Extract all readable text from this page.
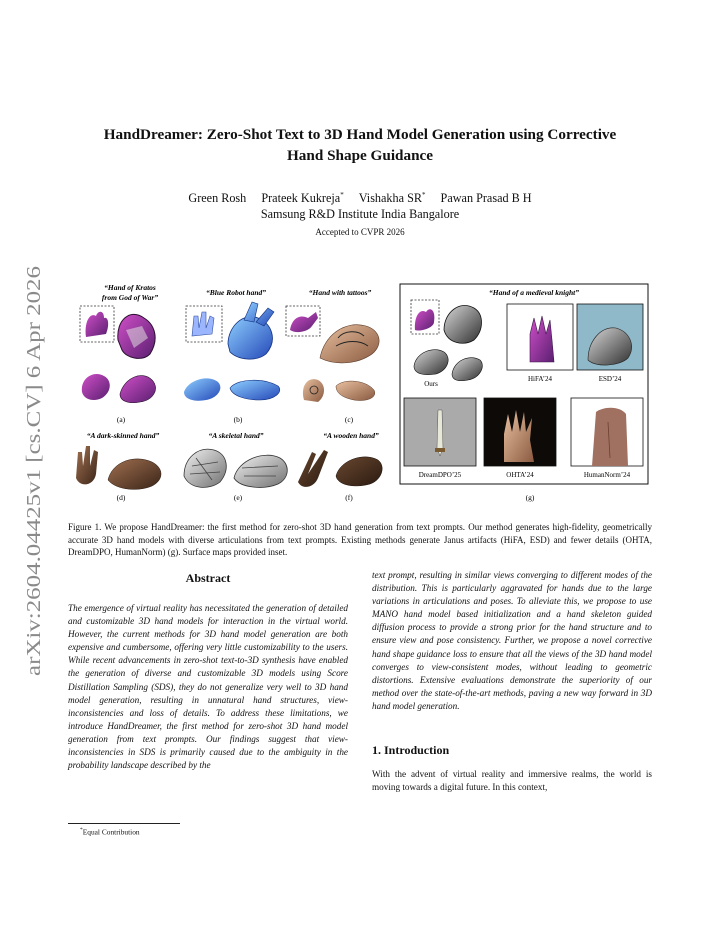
arXiv:2604.04425v1 [cs.CV] 6 Apr 2026
HandDreamer: Zero-Shot Text to 3D Hand Model Generation using Corrective
Hand Shape Guidance
Green Rosh Prateek Kukreja* Vishakha SR* Pawan Prasad B H
Samsung R&D Institute India Bangalore
Accepted to CVPR 2026
“Hand of Kratos
from God of War”
(a)
“Blue Robot hand”
(b)
“Hand with tattoos”
(c)
“A dark-skinned hand”
(d)
“A skeletal hand”
(e)
“A wooden hand”
(f)
“Hand of a medieval knight”
Ours
HiFA’24	ESD’24
DreamDPO’25	OHTA’24	HumanNorm’24
(g)
Figure 1. We propose HandDreamer: the first method for zero-shot 3D hand generation from text prompts. Our method generates high-fidelity, geometrically accurate 3D hand models with diverse articulations from text prompts. Existing methods generate Janus artifacts (HiFA, ESD) and fewer details (OHTA, DreamDPO, HumanNorm) (g). Surface maps provided inset.
Abstract
The emergence of virtual reality has necessitated the generation of detailed and customizable 3D hand models for interaction in the virtual world. However, the current methods for 3D hand model generation are both expensive and cumbersome, offering very little customizability to the users. While recent advancements in zero-shot text-to-3D synthesis have enabled the generation of diverse and customizable 3D models using Score Distillation Sampling (SDS), they do not generalize very well to 3D hand model generation, resulting in unnatural hand structures, view-inconsistencies and loss of details. To address these limitations, we introduce HandDreamer, the first method for zero-shot 3D hand model generation from text prompts. Our findings suggest that view-inconsistencies in SDS is primarily caused due to the ambiguity in the probability landscape described by the
text prompt, resulting in similar views converging to different modes of the distribution. This is particularly aggravated for hands due to the large variations in articulations and poses. To alleviate this, we propose to use MANO hand model based initialization and a hand skeleton guided diffusion process to provide a strong prior for the hand structure and to ensure view and pose consistency. Further, we propose a novel corrective hand shape guidance loss to ensure that all the views of the 3D hand model converges to view-consistent modes, without leading to geometric distortions. Extensive evaluations demonstrate the superiority of our method over the state-of-the-art methods, paving a new way forward in 3D hand model generation.
1. Introduction
With the advent of virtual reality and immersive realms, the world is moving towards a digital future. In this context,
*Equal Contribution
